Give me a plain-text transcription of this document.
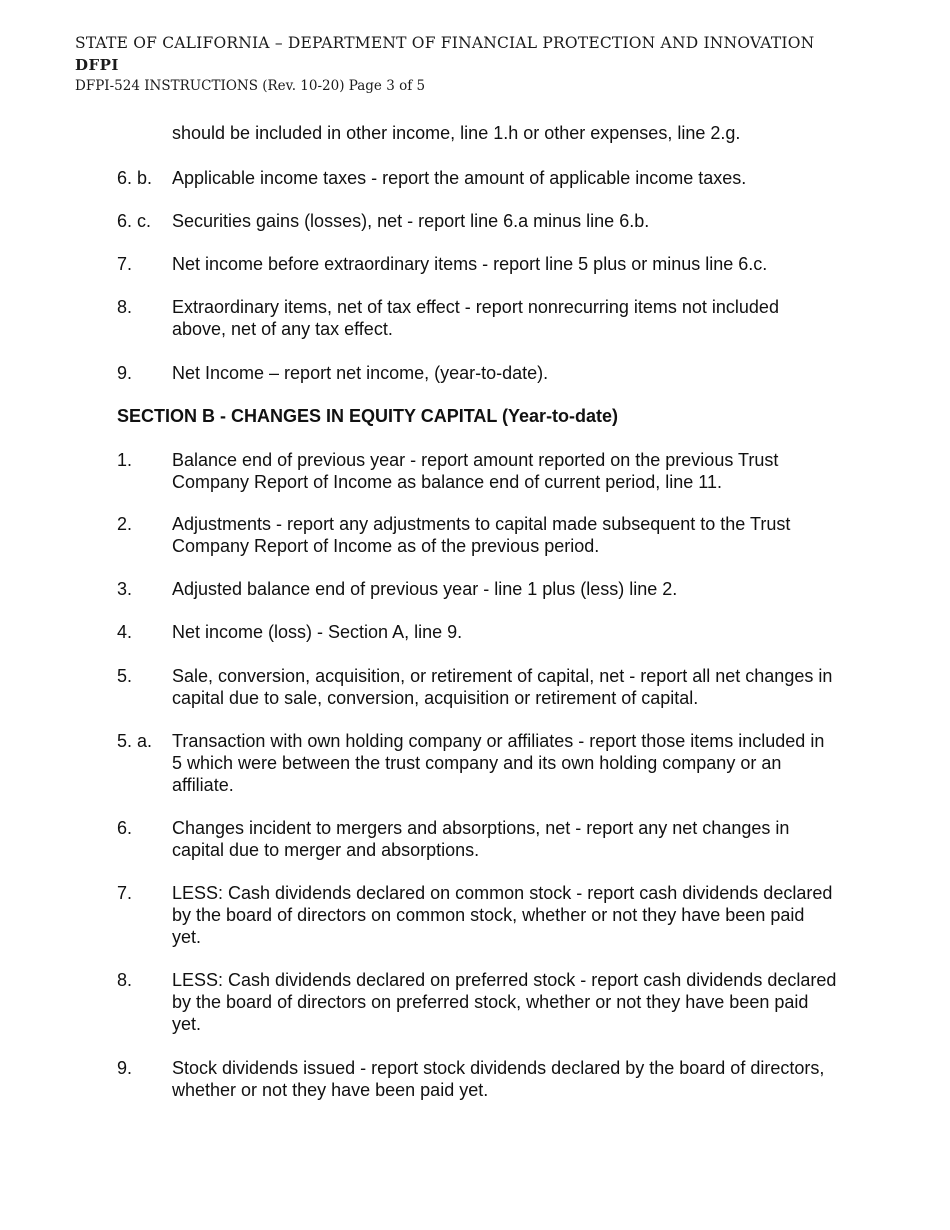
STATE OF CALIFORNIA – DEPARTMENT OF FINANCIAL PROTECTION AND INNOVATION
DFPI
DFPI-524 INSTRUCTIONS (Rev. 10-20) Page 3 of 5
should be included in other income, line 1.h or other expenses, line 2.g.
6. b.	Applicable income taxes - report the amount of applicable income taxes.
6. c.	Securities gains (losses), net - report line 6.a minus line 6.b.
7.	Net income before extraordinary items - report line 5 plus or minus line 6.c.
8.	Extraordinary items, net of tax effect - report nonrecurring items not included above, net of any tax effect.
9.	Net Income – report net income, (year-to-date).
SECTION B - CHANGES IN EQUITY CAPITAL (Year-to-date)
1.	Balance end of previous year - report amount reported on the previous Trust Company Report of Income as balance end of current period, line 11.
2.	Adjustments - report any adjustments to capital made subsequent to the Trust Company Report of Income as of the previous period.
3.	Adjusted balance end of previous year - line 1 plus (less) line 2.
4.	Net income (loss) - Section A, line 9.
5.	Sale, conversion, acquisition, or retirement of capital, net - report all net changes in capital due to sale, conversion, acquisition or retirement of capital.
5. a.	Transaction with own holding company or affiliates - report those items included in 5 which were between the trust company and its own holding company or an affiliate.
6.	Changes incident to mergers and absorptions, net - report any net changes in capital due to merger and absorptions.
7.	LESS: Cash dividends declared on common stock - report cash dividends declared by the board of directors on common stock, whether or not they have been paid yet.
8.	LESS: Cash dividends declared on preferred stock - report cash dividends declared by the board of directors on preferred stock, whether or not they have been paid yet.
9.	Stock dividends issued - report stock dividends declared by the board of directors, whether or not they have been paid yet.
